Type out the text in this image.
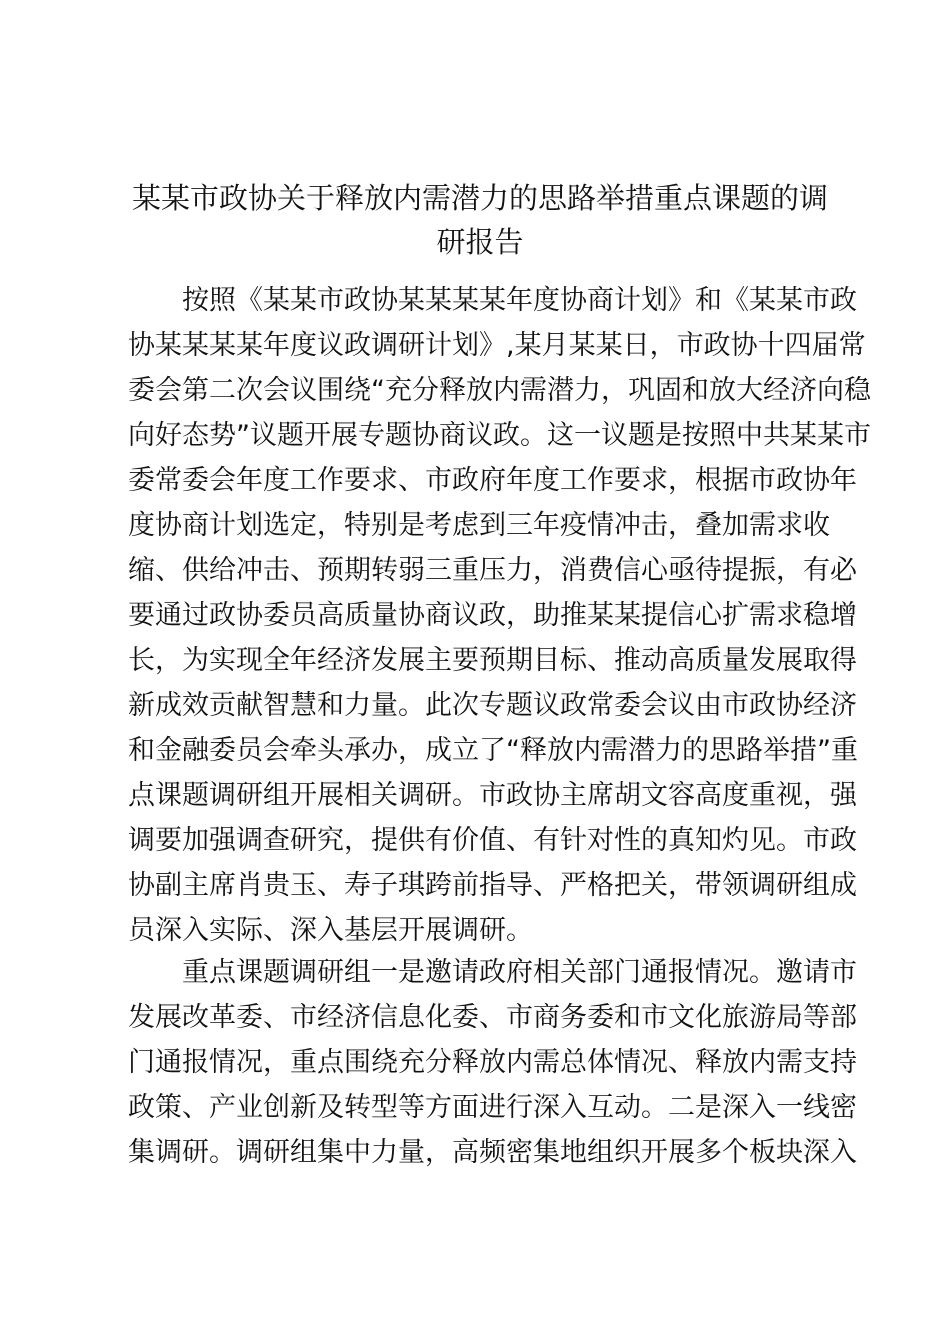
某某市政协关于释放内需潜力的思路举措重点课题的调
研报告

按照《某某市政协某某某某年度协商计划》和《某某市政
协某某某某年度议政调研计划》,某月某某日，市政协十四届常
委会第二次会议围绕“充分释放内需潜力，巩固和放大经济向稳
向好态势”议题开展专题协商议政。这一议题是按照中共某某市
委常委会年度工作要求、市政府年度工作要求，根据市政协年
度协商计划选定，特别是考虑到三年疫情冲击，叠加需求收
缩、供给冲击、预期转弱三重压力，消费信心亟待提振，有必
要通过政协委员高质量协商议政，助推某某提信心扩需求稳增
长，为实现全年经济发展主要预期目标、推动高质量发展取得
新成效贡献智慧和力量。此次专题议政常委会议由市政协经济
和金融委员会牵头承办，成立了“释放内需潜力的思路举措”重
点课题调研组开展相关调研。市政协主席胡文容高度重视，强
调要加强调查研究，提供有价值、有针对性的真知灼见。市政
协副主席肖贵玉、寿子琪跨前指导、严格把关，带领调研组成
员深入实际、深入基层开展调研。

重点课题调研组一是邀请政府相关部门通报情况。邀请市
发展改革委、市经济信息化委、市商务委和市文化旅游局等部
门通报情况，重点围绕充分释放内需总体情况、释放内需支持
政策、产业创新及转型等方面进行深入互动。二是深入一线密
集调研。调研组集中力量，高频密集地组织开展多个板块深入
